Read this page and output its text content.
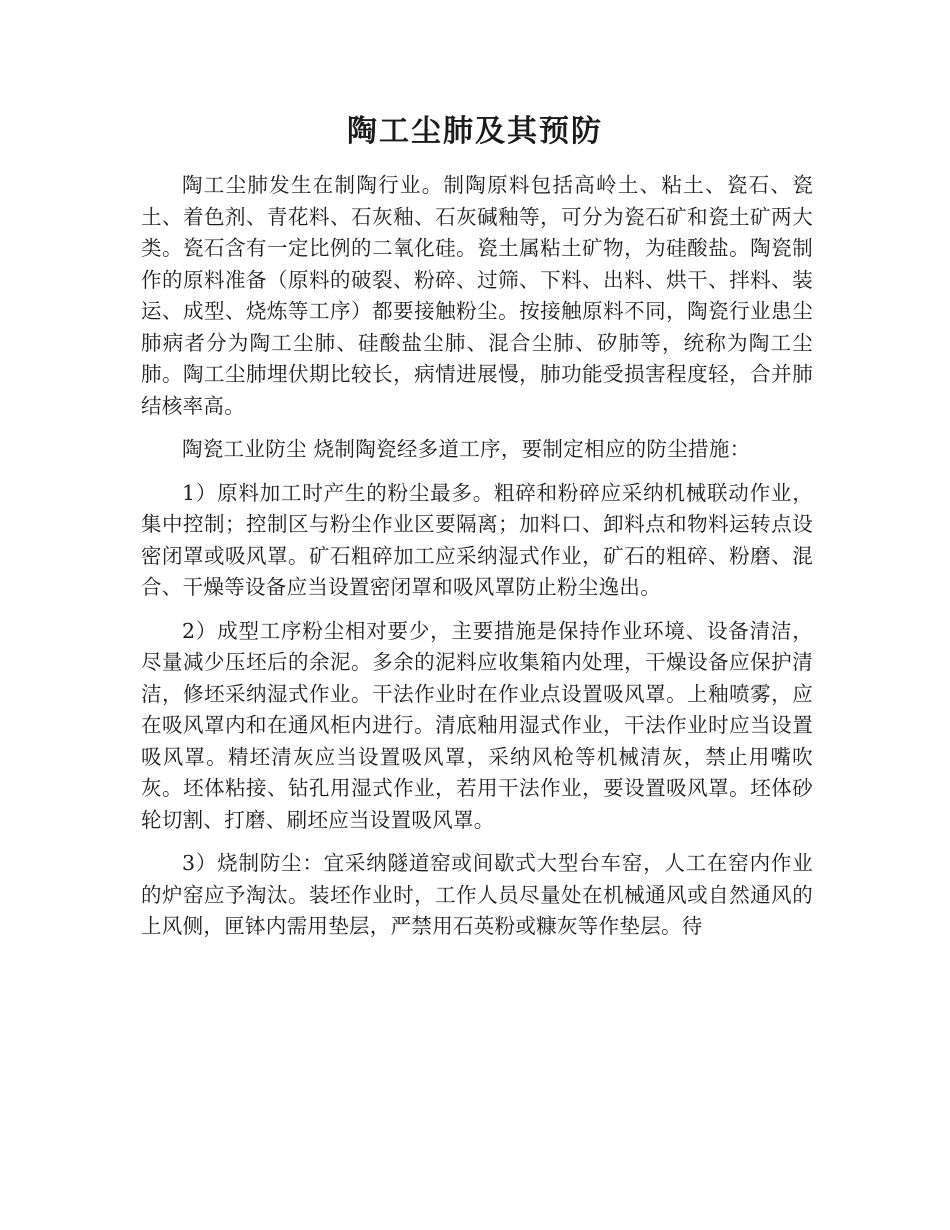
陶工尘肺及其预防

陶工尘肺发生在制陶行业。制陶原料包括高岭土、粘土、瓷石、瓷土、着色剂、青花料、石灰釉、石灰碱釉等，可分为瓷石矿和瓷土矿两大类。瓷石含有一定比例的二氧化硅。瓷土属粘土矿物，为硅酸盐。陶瓷制作的原料准备（原料的破裂、粉碎、过筛、下料、出料、烘干、拌料、装运、成型、烧炼等工序）都要接触粉尘。按接触原料不同，陶瓷行业患尘肺病者分为陶工尘肺、硅酸盐尘肺、混合尘肺、矽肺等，统称为陶工尘肺。陶工尘肺埋伏期比较长，病情进展慢，肺功能受损害程度轻，合并肺结核率高。

陶瓷工业防尘 烧制陶瓷经多道工序，要制定相应的防尘措施：

1）原料加工时产生的粉尘最多。粗碎和粉碎应采纳机械联动作业，集中控制；控制区与粉尘作业区要隔离；加料口、卸料点和物料运转点设密闭罩或吸风罩。矿石粗碎加工应采纳湿式作业，矿石的粗碎、粉磨、混合、干燥等设备应当设置密闭罩和吸风罩防止粉尘逸出。

2）成型工序粉尘相对要少，主要措施是保持作业环境、设备清洁，尽量减少压坯后的余泥。多余的泥料应收集箱内处理，干燥设备应保护清洁，修坯采纳湿式作业。干法作业时在作业点设置吸风罩。上釉喷雾，应在吸风罩内和在通风柜内进行。清底釉用湿式作业，干法作业时应当设置吸风罩。精坯清灰应当设置吸风罩，采纳风枪等机械清灰，禁止用嘴吹灰。坯体粘接、钻孔用湿式作业，若用干法作业，要设置吸风罩。坯体砂轮切割、打磨、刷坯应当设置吸风罩。

3）烧制防尘：宜采纳隧道窑或间歇式大型台车窑，人工在窑内作业的炉窑应予淘汰。装坯作业时，工作人员尽量处在机械通风或自然通风的上风侧，匣钵内需用垫层，严禁用石英粉或糠灰等作垫层。待
